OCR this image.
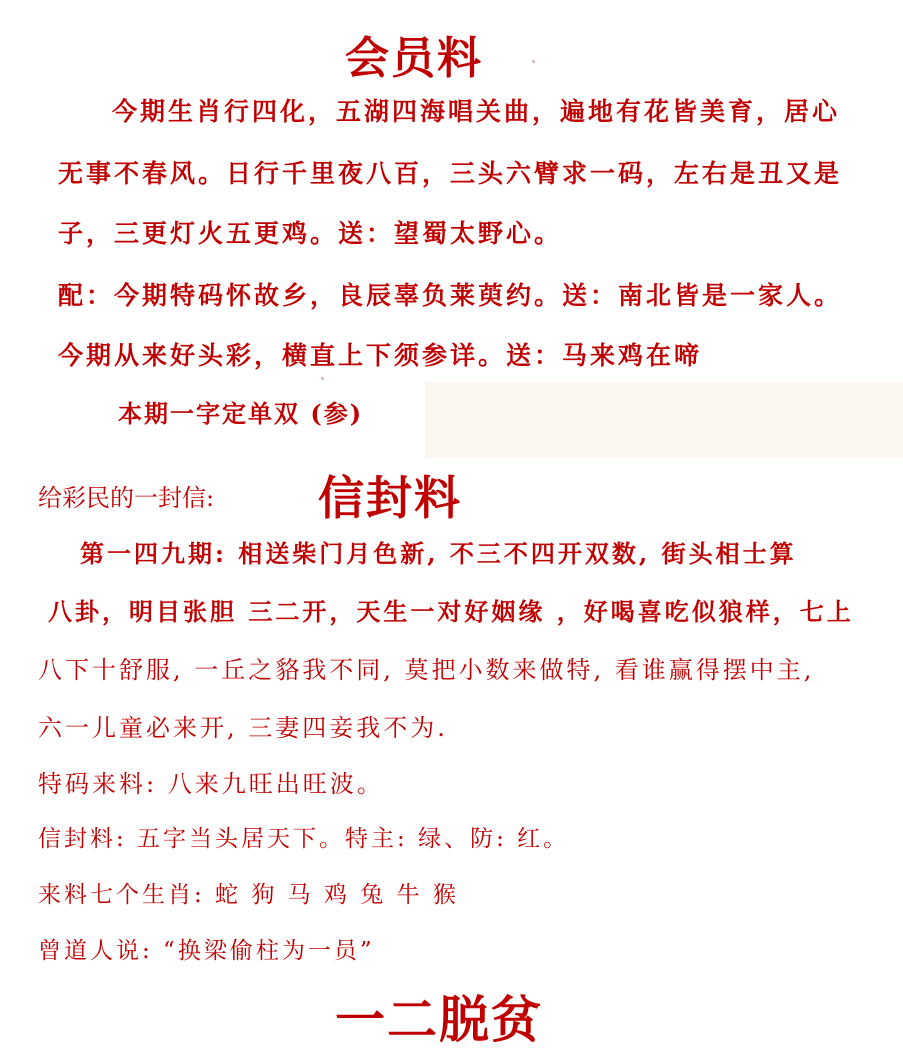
会员料
今期生肖行四化，五湖四海唱关曲，遍地有花皆美育，居心
无事不春风。日行千里夜八百，三头六臂求一码，左右是丑又是
子，三更灯火五更鸡。送：望蜀太野心。
配：今期特码怀故乡，良辰辜负莱萸约。送：南北皆是一家人。
今期从来好头彩，横直上下须参详。送：马来鸡在啼
本期一字定单双 (参)
给彩民的一封信: 信封料
第一四九期: 相送柴门月色新, 不三不四开双数, 街头相士算
八卦，明目张胆 三二开，天生一对好姻缘 ，好喝喜吃似狼样，七上
八下十舒服, 一丘之貉我不同, 莫把小数来做特, 看谁赢得摆中主,
六一儿童必来开, 三妻四妾我不为.
特码来料: 八来九旺出旺波。
信封料: 五字当头居天下。特主: 绿、防: 红。
来料七个生肖: 蛇 狗 马 鸡 兔 牛 猴
曾道人说: “换梁偷柱为一员”
一二脱贫
